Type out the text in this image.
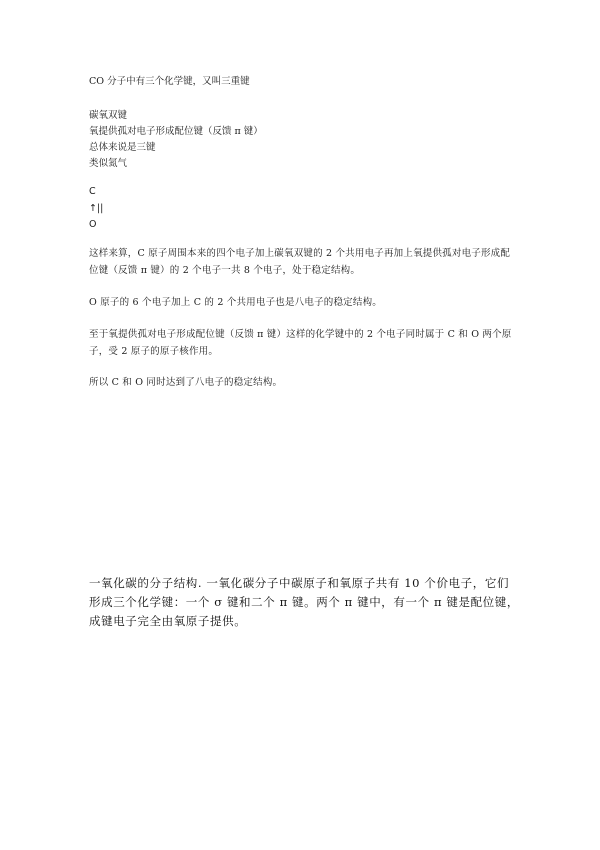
CO 分子中有三个化学键，又叫三重键
碳氧双键
氧提供孤对电子形成配位键（反馈 π 键）
总体来说是三键
类似氮气
C
↑||
O
这样来算，C 原子周围本来的四个电子加上碳氧双键的 2 个共用电子再加上氧提供孤对电子形成配位键（反馈 π 键）的 2 个电子一共 8 个电子，处于稳定结构。
O 原子的 6 个电子加上 C 的 2 个共用电子也是八电子的稳定结构。
至于氧提供孤对电子形成配位键（反馈 π 键）这样的化学键中的 2 个电子同时属于 C 和 O 两个原子，受 2 原子的原子核作用。
所以 C 和 O 同时达到了八电子的稳定结构。
一氧化碳的分子结构. 一氧化碳分子中碳原子和氧原子共有 10 个价电子，它们形成三个化学键：一个 σ 键和二个 π 键。两个 π 键中，有一个 π 键是配位键，成键电子完全由氧原子提供。
